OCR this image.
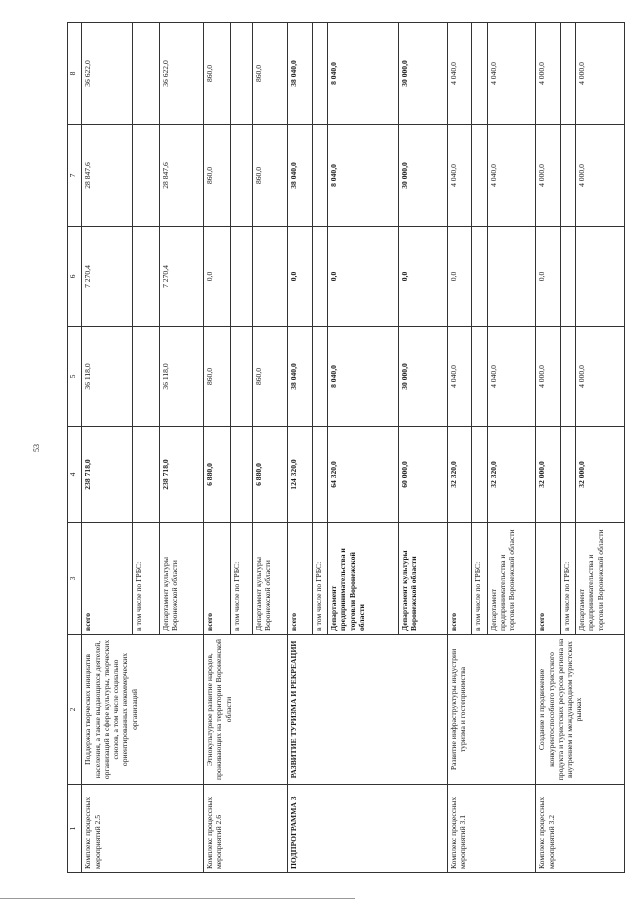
53
1	2	3	4	5	6	7	8
Комплекс процессных мероприятий 2.5	Поддержка творческих инициатив населения, а также выдающихся деятелей, организаций в сфере культуры, творческих союзов, а том числе социально ориентированных некоммерческих организаций	всего	238 718,0	36 118,0	7 270,4	28 847,6	36 622,0
		в том числе по ГРБС:					
		Департамент культуры Воронежской области	238 718,0	36 118,0	7 270,4	28 847,6	36 622,0
Комплекс процессных мероприятий 2.6	Этнокультурное развитие народов, проживающих на территории Воронежской области	всего	6 880,0	860,0	0,0	860,0	860,0
		в том числе по ГРБС:					
		Департамент культуры Воронежской области	6 880,0	860,0		860,0	860,0
ПОДПРОГРАММА 3	РАЗВИТИЕ ТУРИЗМА И РЕКРЕАЦИИ	всего	124 320,0	38 040,0	0,0	38 040,0	38 040,0
		в том числе по ГРБС:					
		Департамент предпринимательства и торговли Воронежской области	64 320,0	8 040,0	0,0	8 040,0	8 040,0
		Департамент культуры Воронежской области	60 000,0	30 000,0	0,0	30 000,0	30 000,0
Комплекс процессных мероприятий 3.1	Развитие инфраструктуры индустрии туризма и гостеприимства	всего	32 320,0	4 040,0	0,0	4 040,0	4 040,0
		в том числе по ГРБС:					
		Департамент предпринимательства и торговли Воронежской области	32 320,0	4 040,0		4 040,0	4 040,0
Комплекс процессных мероприятий 3.2	Создание и продвижение конкурентоспособного туристского продукта и туристских ресурсов региона на внутреннем и международном туристских рынках	всего	32 000,0	4 000,0	0,0	4 000,0	4 000,0
		в том числе по ГРБС:					
		Департамент предпринимательства и торговли Воронежской области	32 000,0	4 000,0		4 000,0	4 000,0
